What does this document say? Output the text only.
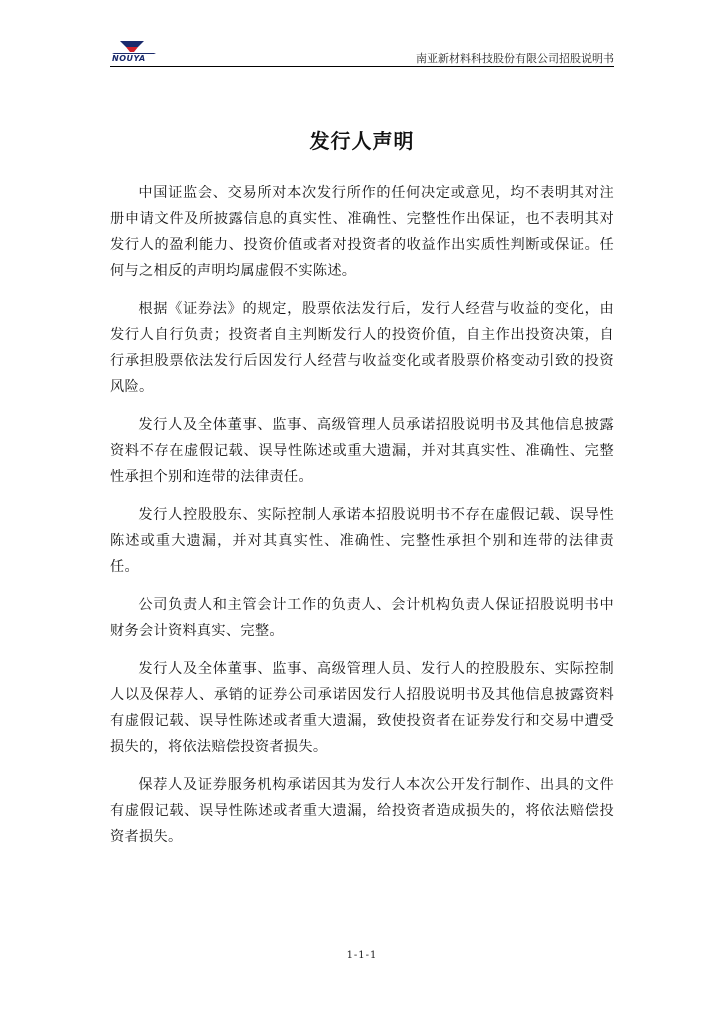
NOUYA	南亚新材料科技股份有限公司招股说明书
发行人声明

中国证监会、交易所对本次发行所作的任何决定或意见，均不表明其对注册申请文件及所披露信息的真实性、准确性、完整性作出保证，也不表明其对发行人的盈利能力、投资价值或者对投资者的收益作出实质性判断或保证。任何与之相反的声明均属虚假不实陈述。

根据《证券法》的规定，股票依法发行后，发行人经营与收益的变化，由发行人自行负责；投资者自主判断发行人的投资价值，自主作出投资决策，自行承担股票依法发行后因发行人经营与收益变化或者股票价格变动引致的投资风险。

发行人及全体董事、监事、高级管理人员承诺招股说明书及其他信息披露资料不存在虚假记载、误导性陈述或重大遗漏，并对其真实性、准确性、完整性承担个别和连带的法律责任。

发行人控股股东、实际控制人承诺本招股说明书不存在虚假记载、误导性陈述或重大遗漏，并对其真实性、准确性、完整性承担个别和连带的法律责任。

公司负责人和主管会计工作的负责人、会计机构负责人保证招股说明书中财务会计资料真实、完整。

发行人及全体董事、监事、高级管理人员、发行人的控股股东、实际控制人以及保荐人、承销的证券公司承诺因发行人招股说明书及其他信息披露资料有虚假记载、误导性陈述或者重大遗漏，致使投资者在证券发行和交易中遭受损失的，将依法赔偿投资者损失。

保荐人及证券服务机构承诺因其为发行人本次公开发行制作、出具的文件有虚假记载、误导性陈述或者重大遗漏，给投资者造成损失的，将依法赔偿投资者损失。

1-1-1
